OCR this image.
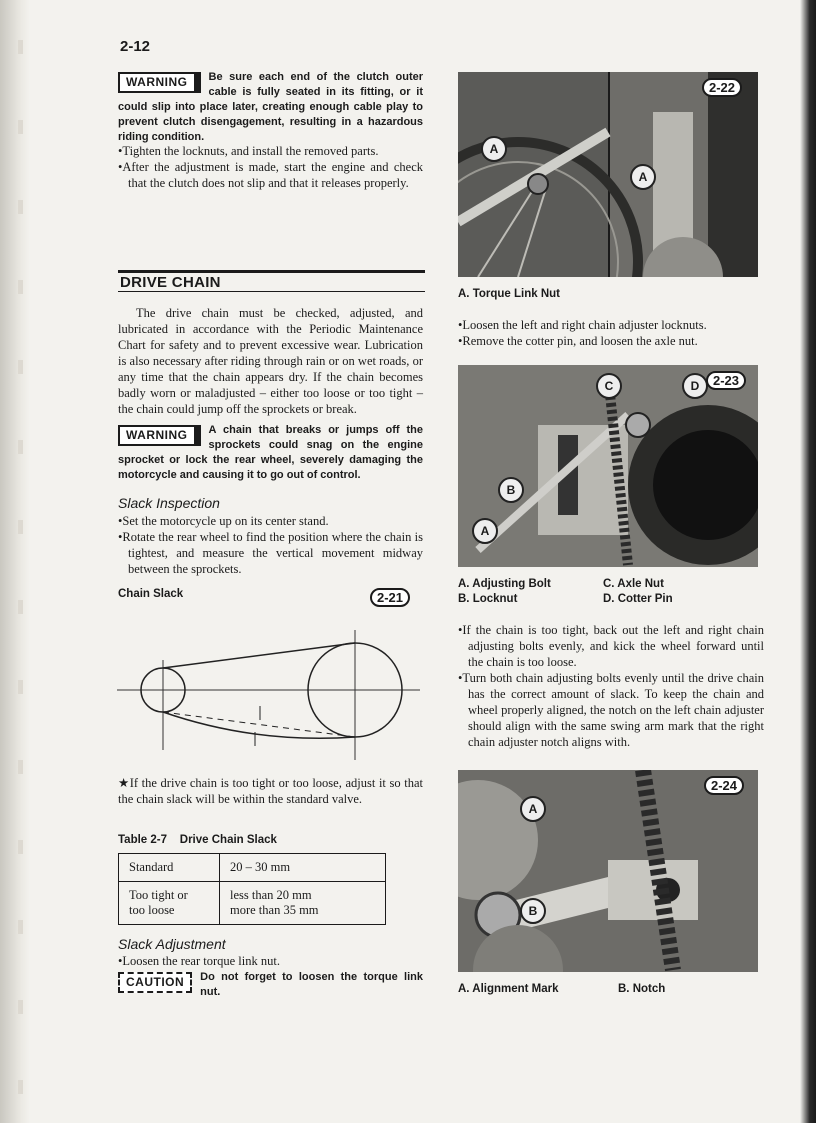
2-12
WARNING	Be sure each end of the clutch outer cable is fully seated in its fitting, or it could slip into place later, creating enough cable play to prevent clutch disengagement, resulting in a hazardous riding condition.

•Tighten the locknuts, and install the removed parts.

•After the adjustment is made, start the engine and check that the clutch does not slip and that it releases properly.

DRIVE CHAIN
The drive chain must be checked, adjusted, and lubricated in accordance with the Periodic Maintenance Chart for safety and to prevent excessive wear. Lubrication is also necessary after riding through rain or on wet roads, or any time that the chain appears dry. If the chain becomes badly worn or maladjusted – either too loose or too tight – the chain could jump off the sprockets or break.
WARNING	A chain that breaks or jumps off the sprockets could snag on the engine sprocket or lock the rear wheel, severely damaging the motorcycle and causing it to go out of control.
Slack Inspection

•Set the motorcycle up on its center stand.

•Rotate the rear wheel to find the position where the chain is tightest, and measure the vertical movement midway between the sprockets.

Chain Slack	2-21
★If the drive chain is too tight or too loose, adjust it so that the chain slack will be within the standard valve.
Table 2-7 Drive Chain Slack
Standard	20 – 30 mm
Too tight or
too loose	less than 20 mm
more than 35 mm
Slack Adjustment

•Loosen the rear torque link nut.

CAUTION	Do not forget to loosen the torque link nut.
A
A
2-22
A. Torque Link Nut

•Loosen the left and right chain adjuster locknuts.

•Remove the cotter pin, and loosen the axle nut.

A
B
C	D	2-23
A. Adjusting Bolt	C. Axle Nut
B. Locknut	D. Cotter Pin

•If the chain is too tight, back out the left and right chain adjusting bolts evenly, and kick the wheel forward until the chain is too loose.

•Turn both chain adjusting bolts evenly until the drive chain has the correct amount of slack. To keep the chain and wheel properly aligned, the notch on the left chain adjuster should align with the same swing arm mark that the right chain adjuster notch aligns with.

A
B
2-24
A. Alignment Mark	B. Notch
